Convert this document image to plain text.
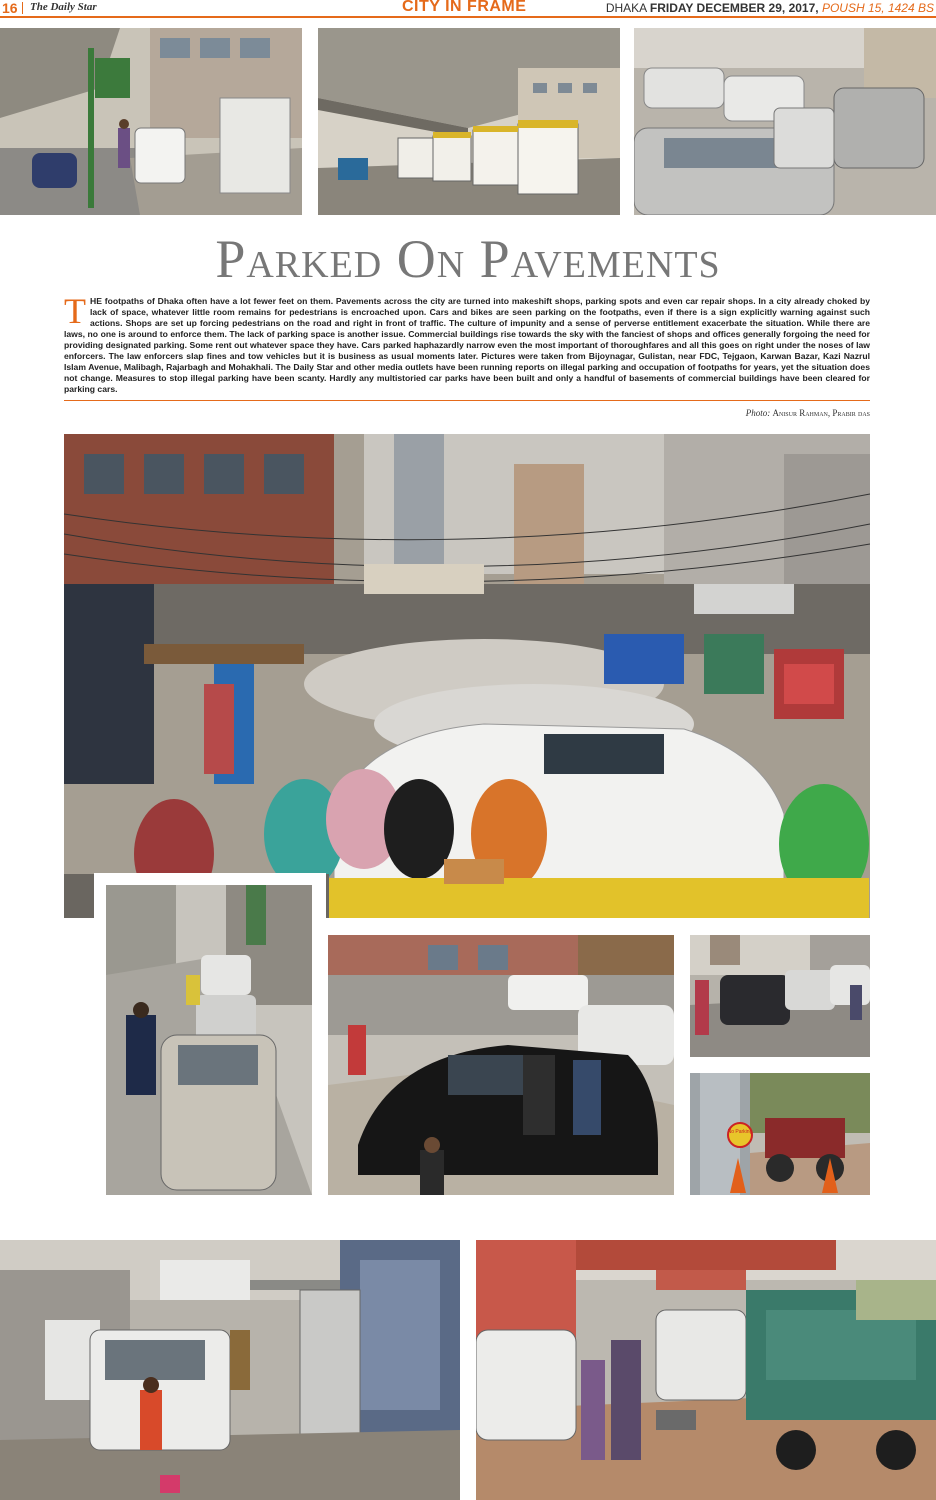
16 The Daily Star	CITY IN FRAME	DHAKA FRIDAY DECEMBER 29, 2017, POUSH 15, 1424 BS
Parked On Pavements
T HE footpaths of Dhaka often have a lot fewer feet on them. Pavements across the city are turned into makeshift shops, parking spots and even car repair shops. In a city already choked by lack of space, whatever little room remains for pedestrians is encroached upon. Cars and bikes are seen parking on the footpaths, even if there is a sign explicitly warning against such actions. Shops are set up forcing pedestrians on the road and right in front of traffic. The culture of impunity and a sense of perverse entitlement exacerbate the situation. While there are laws, no one is around to enforce them. The lack of parking space is another issue. Commercial buildings rise towards the sky with the fanciest of shops and offices generally forgoing the need for providing designated parking. Some rent out whatever space they have. Cars parked haphazardly narrow even the most important of thoroughfares and all this goes on right under the noses of law enforcers. The law enforcers slap fines and tow vehicles but it is business as usual moments later. Pictures were taken from Bijoynagar, Gulistan, near FDC, Tejgaon, Karwan Bazar, Kazi Nazrul Islam Avenue, Malibagh, Rajarbagh and Mohakhali. The Daily Star and other media outlets have been running reports on illegal parking and occupation of footpaths for years, yet the situation does not change. Measures to stop illegal parking have been scanty. Hardly any multistoried car parks have been built and only a handful of basements of commercial buildings have been cleared for parking cars.
Photo: Anisur Rahman, Prabir das
No Parking
